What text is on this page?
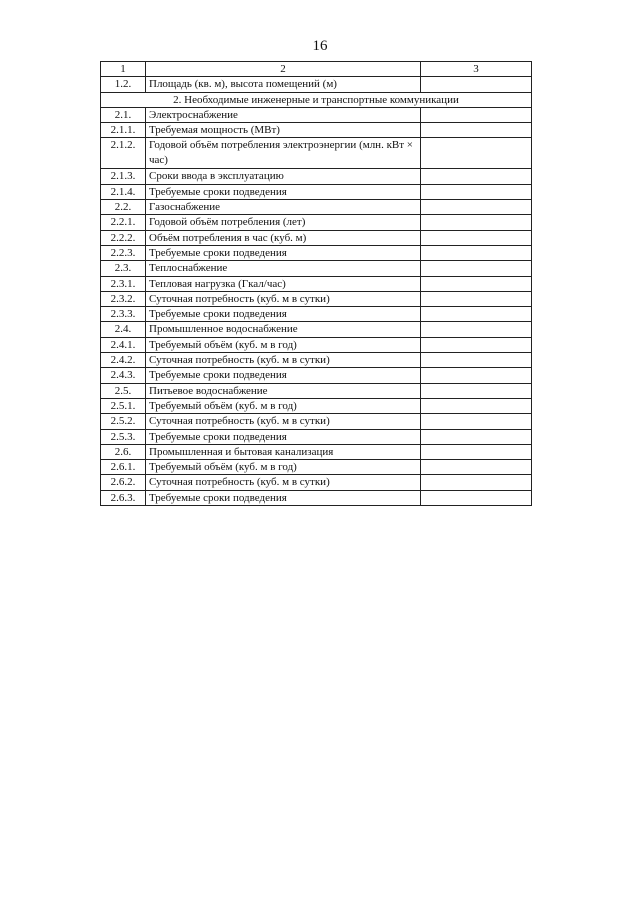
16
1	2	3
1.2.	Площадь (кв. м), высота помещений (м)	
2. Необходимые инженерные и транспортные коммуникации		
2.1.	Электроснабжение	
2.1.1.	Требуемая мощность (МВт)	
2.1.2.	Годовой объём потребления электроэнергии (млн. кВт × час)	
2.1.3.	Сроки ввода в эксплуатацию	
2.1.4.	Требуемые сроки подведения	
2.2.	Газоснабжение	
2.2.1.	Годовой объём потребления (лет)	
2.2.2.	Объём потребления в час (куб. м)	
2.2.3.	Требуемые сроки подведения	
2.3.	Теплоснабжение	
2.3.1.	Тепловая нагрузка (Гкал/час)	
2.3.2.	Суточная потребность (куб. м в сутки)	
2.3.3.	Требуемые сроки подведения	
2.4.	Промышленное водоснабжение	
2.4.1.	Требуемый объём (куб. м в год)	
2.4.2.	Суточная потребность (куб. м в сутки)	
2.4.3.	Требуемые сроки подведения	
2.5.	Питьевое водоснабжение	
2.5.1.	Требуемый объём (куб. м в год)	
2.5.2.	Суточная потребность (куб. м в сутки)	
2.5.3.	Требуемые сроки подведения	
2.6.	Промышленная и бытовая канализация	
2.6.1.	Требуемый объём (куб. м в год)	
2.6.2.	Суточная потребность (куб. м в сутки)	
2.6.3.	Требуемые сроки подведения	
